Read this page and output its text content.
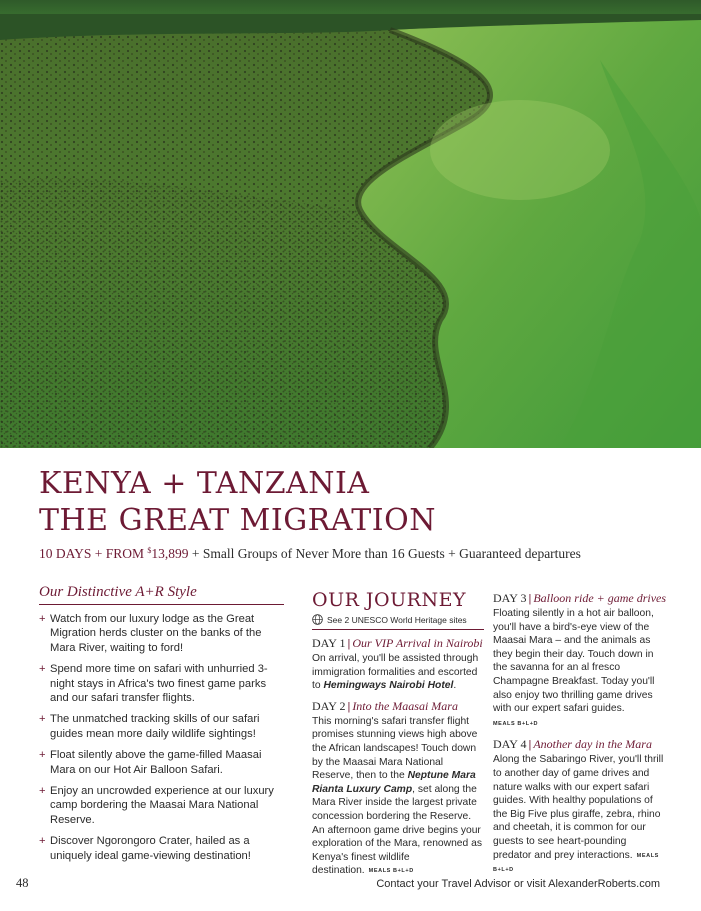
KENYA + TANZANIA
THE GREAT MIGRATION
10 DAYS + FROM $13,899 + Small Groups of Never More than 16 Guests + Guaranteed departures
Our Distinctive A+R Style
+ Watch from our luxury lodge as the Great Migration herds cluster on the banks of the Mara River, waiting to ford!
+ Spend more time on safari with unhurried 3-night stays in Africa's two finest game parks and our safari transfer flights.
+ The unmatched tracking skills of our safari guides mean more daily wildlife sightings!
+ Float silently above the game-filled Maasai Mara on our Hot Air Balloon Safari.
+ Enjoy an uncrowded experience at our luxury camp bordering the Maasai Mara National Reserve.
+ Discover Ngorongoro Crater, hailed as a uniquely ideal game-viewing destination!
OUR JOURNEY
See 2 UNESCO World Heritage sites
DAY 1 | Our VIP Arrival in Nairobi
On arrival, you'll be assisted through immigration formalities and escorted to Hemingways Nairobi Hotel.
DAY 2 | Into the Maasai Mara
This morning's safari transfer flight promises stunning views high above the African landscapes! Touch down by the Maasai Mara National Reserve, then to the Neptune Mara Rianta Luxury Camp, set along the Mara River inside the largest private concession bordering the Reserve. An afternoon game drive begins your exploration of the Mara, renowned as Kenya's finest wildlife destination. MEALS B+L+D
DAY 3 | Balloon ride + game drives
Floating silently in a hot air balloon, you'll have a bird's-eye view of the Maasai Mara – and the animals as they begin their day. Touch down in the savanna for an al fresco Champagne Breakfast. Today you'll also enjoy two thrilling game drives with our expert safari guides.
MEALS B+L+D
DAY 4 | Another day in the Mara
Along the Sabaringo River, you'll thrill to another day of game drives and nature walks with our expert safari guides. With healthy populations of the Big Five plus giraffe, zebra, rhino and cheetah, it is common for our guests to see heart-pounding predator and prey interactions. MEALS B+L+D
48	Contact your Travel Advisor or visit AlexanderRoberts.com
